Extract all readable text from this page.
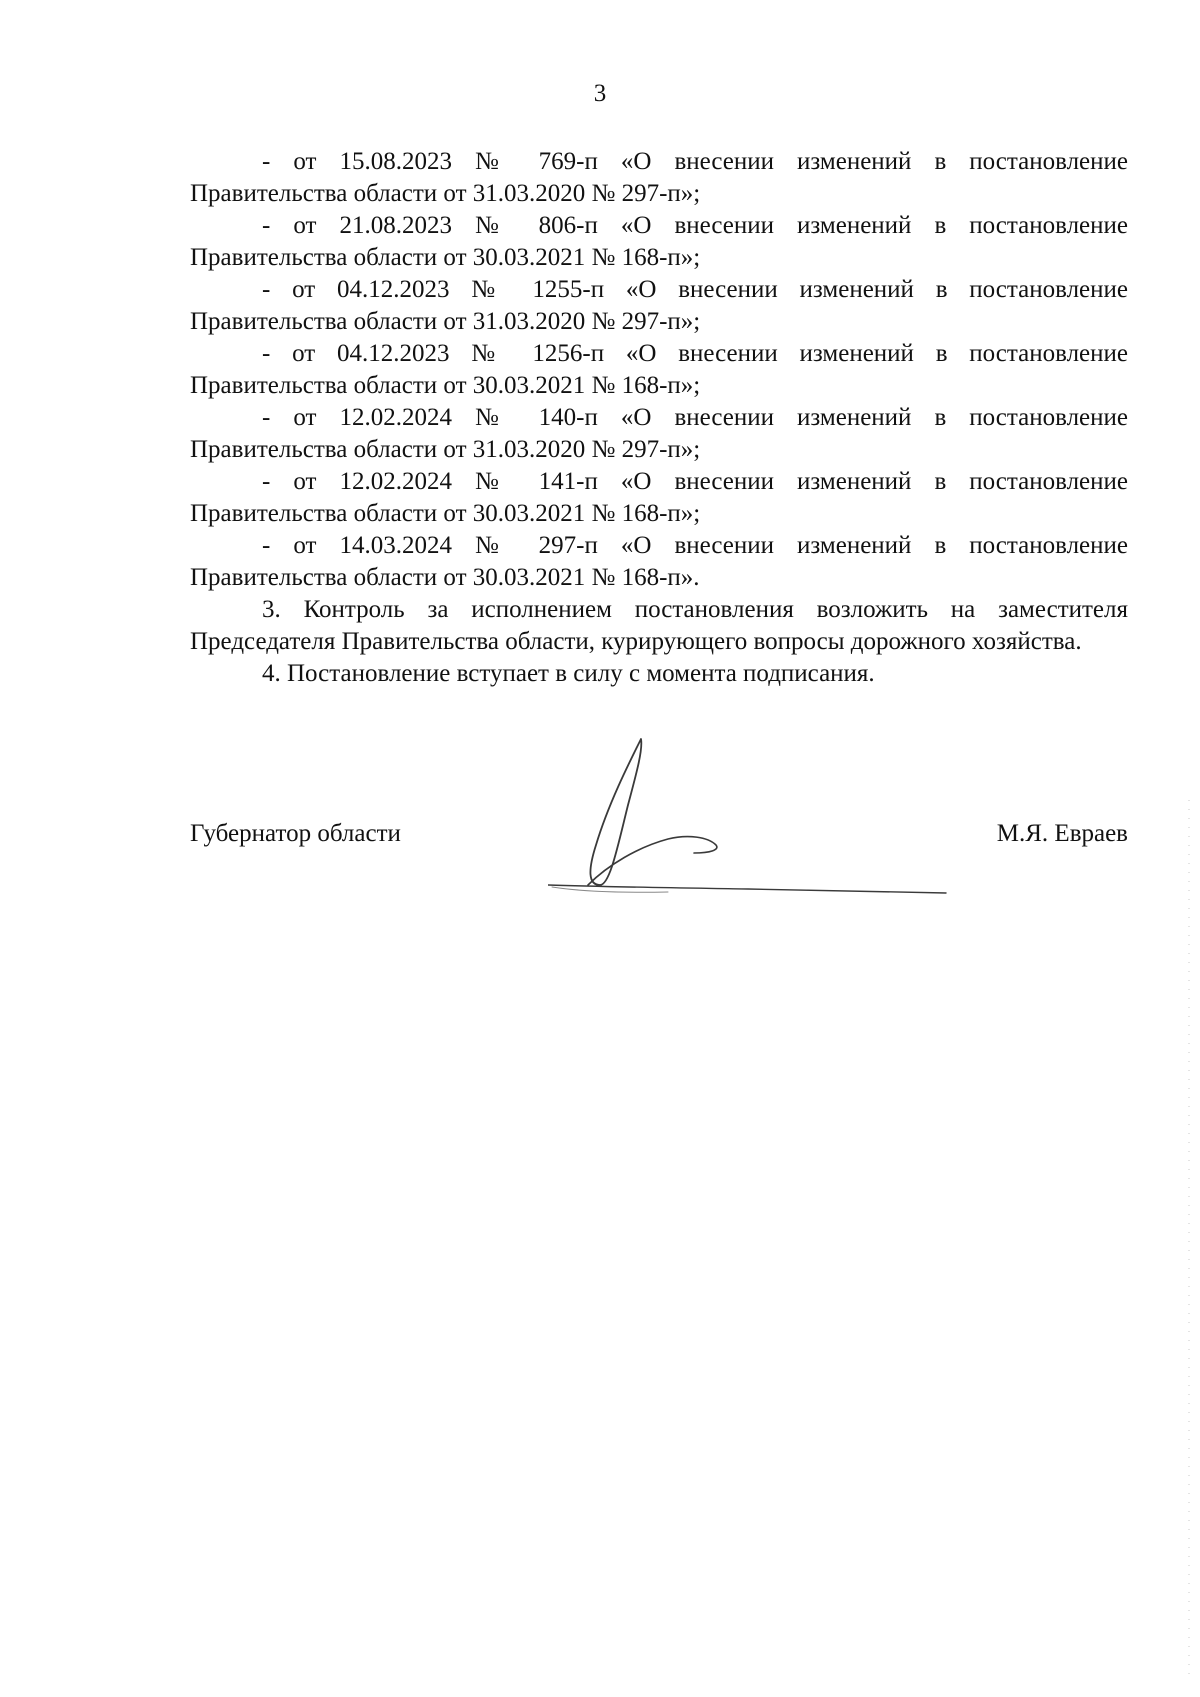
3

- от 15.08.2023 № 769-п «О внесении изменений в постановление
Правительства области от 31.03.2020 № 297-п»;

- от 21.08.2023 № 806-п «О внесении изменений в постановление
Правительства области от 30.03.2021 № 168-п»;

- от 04.12.2023 № 1255-п «О внесении изменений в постановление
Правительства области от 31.03.2020 № 297-п»;

- от 04.12.2023 № 1256-п «О внесении изменений в постановление
Правительства области от 30.03.2021 № 168-п»;

- от 12.02.2024 № 140-п «О внесении изменений в постановление
Правительства области от 31.03.2020 № 297-п»;

- от 12.02.2024 № 141-п «О внесении изменений в постановление
Правительства области от 30.03.2021 № 168-п»;

- от 14.03.2024 № 297-п «О внесении изменений в постановление
Правительства области от 30.03.2021 № 168-п».

3. Контроль за исполнением постановления возложить на заместителя Председателя Правительства области, курирующего вопросы дорожного хозяйства.

4. Постановление вступает в силу с момента подписания.

Губернатор области	М.Я. Евраев
